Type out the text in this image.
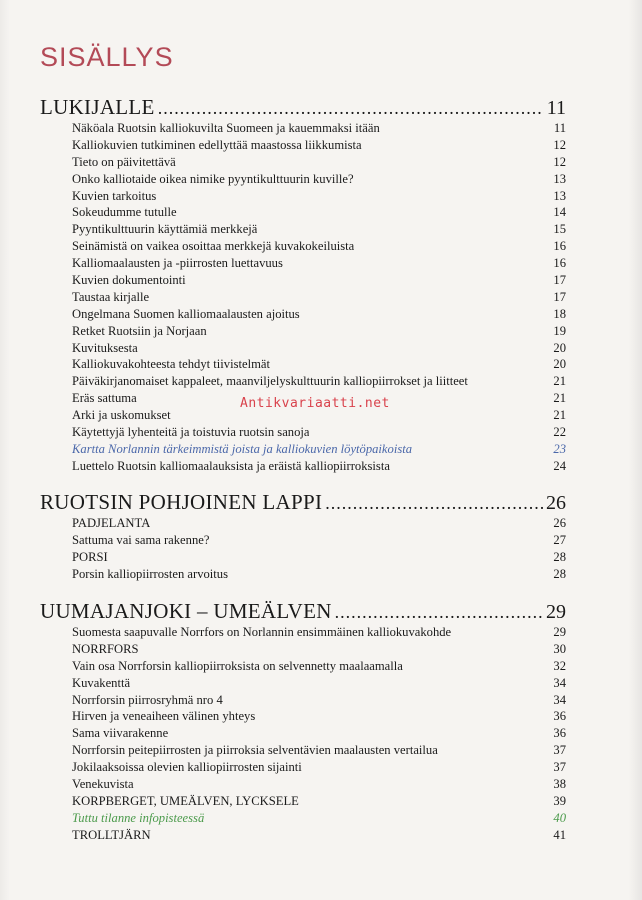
SISÄLLYS
LUKIJALLE .....	11
Näköala Ruotsin kalliokuvilta Suomeen ja kauemmaksi itään	11
Kalliokuvien tutkiminen edellyttää maastossa liikkumista	12
Tieto on päivitettävä	12
Onko kalliotaide oikea nimike pyyntikulttuurin kuville?	13
Kuvien tarkoitus	13
Sokeudumme tutulle	14
Pyyntikulttuurin käyttämiä merkkejä	15
Seinämistä on vaikea osoittaa merkkejä kuvakokeiluista	16
Kalliomaalausten ja -piirrosten luettavuus	16
Kuvien dokumentointi	17
Taustaa kirjalle	17
Ongelmana Suomen kalliomaalausten ajoitus	18
Retket Ruotsiin ja Norjaan	19
Kuvituksesta	20
Kalliokuvakohteesta tehdyt tiivistelmät	20
Päiväkirjanomaiset kappaleet, maanviljelyskulttuurin kalliopiirrokset ja liitteet	21
Eräs sattuma	21
Arki ja uskomukset	21
Käytettyjä lyhenteitä ja toistuvia ruotsin sanoja	22
Kartta Norlannin tärkeimmistä joista ja kalliokuvien löytöpaikoista	23
Luettelo Ruotsin kalliomaalauksista ja eräistä kalliopiirroksista	24
RUOTSIN POHJOINEN LAPPI .....	26
PADJELANTA	26
Sattuma vai sama rakenne?	27
PORSI	28
Porsin kalliopiirrosten arvoitus	28
UUMAJANJOKI – UMEÄLVEN .....	29
Suomesta saapuvalle Norrfors on Norlannin ensimmäinen kalliokuvakohde	29
NORRFORS	30
Vain osa Norrforsin kalliopiirroksista on selvennetty maalaamalla	32
Kuvakenttä	34
Norrforsin piirrosryhmä nro 4	34
Hirven ja veneaiheen välinen yhteys	36
Sama viivarakenne	36
Norrforsin peitepiirrosten ja piirroksia selventävien maalausten vertailua	37
Jokilaaksoissa olevien kalliopiirrosten sijainti	37
Venekuvista	38
KORPBERGET, UMEÄLVEN, LYCKSELE	39
Tuttu tilanne infopisteessä	40
TROLLTJÄRN	41
Antikvariaatti.net
